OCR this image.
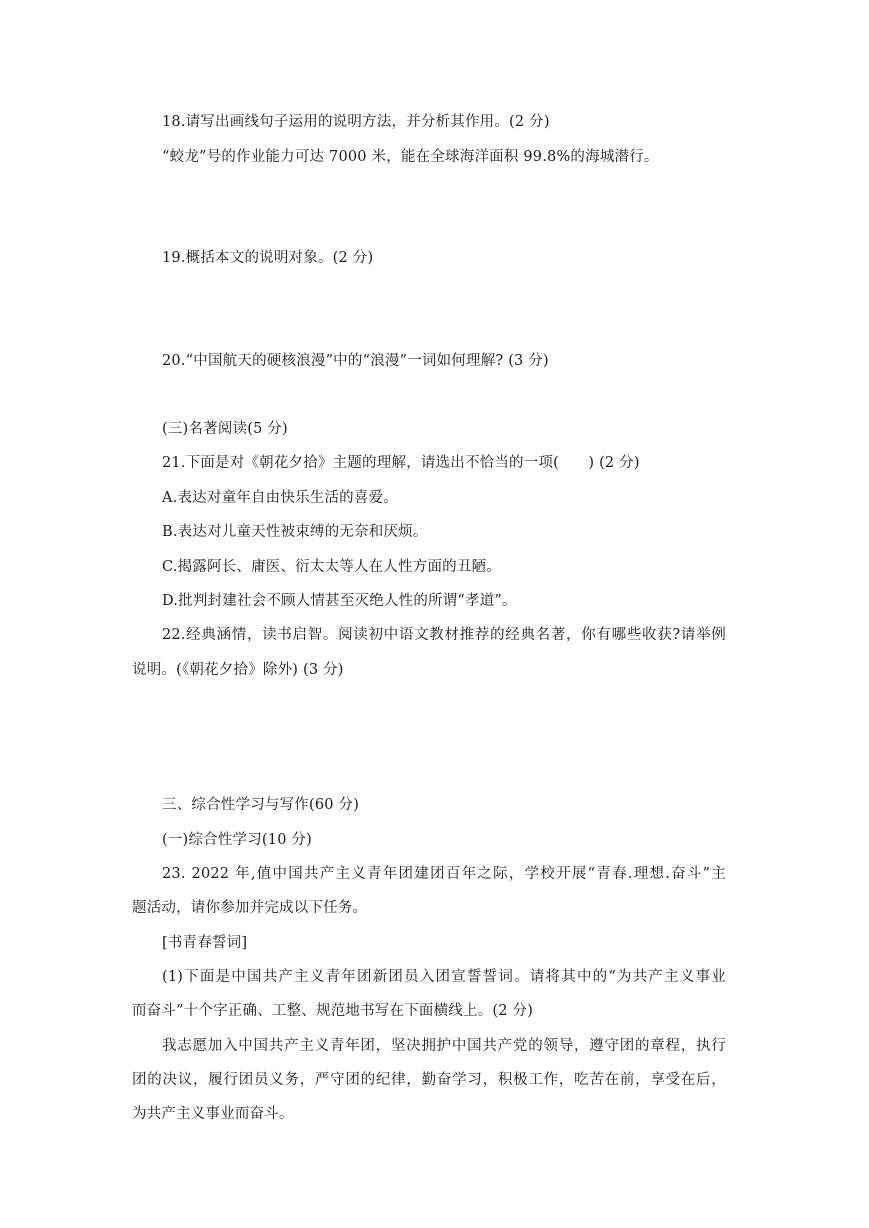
18.请写出画线句子运用的说明方法，并分析其作用。(2 分)
“蛟龙”号的作业能力可达 7000 米，能在全球海洋面积 99.8%的海城潜行。
19.概括本文的说明对象。(2 分)
20.“中国航天的硬核浪漫”中的“浪漫”一词如何理解? (3 分)
(三)名著阅读(5 分)
21.下面是对《朝花夕拾》主题的理解，请选出不恰当的一项(　　) (2 分)
A.表达对童年自由快乐生活的喜爱。
B.表达对儿童天性被束缚的无奈和厌烦。
C.揭露阿长、庸医、衍太太等人在人性方面的丑陋。
D.批判封建社会不顾人情甚至灭绝人性的所谓“孝道”。
22.经典涵情，读书启智。阅读初中语文教材推荐的经典名著，你有哪些收获?请举例
说明。(《朝花夕拾》除外) (3 分)
三、综合性学习与写作(60 分)
(一)综合性学习(10 分)
23. 2022 年,值中国共产主义青年团建团百年之际，学校开展“青春.理想.奋斗”主
题活动，请你参加并完成以下任务。
[书青春誓词]
(1)下面是中国共产主义青年团新团员入团宣誓誓词。请将其中的“为共产主义事业
而奋斗”十个字正确、工整、规范地书写在下面横线上。(2 分)
我志愿加入中国共产主义青年团，坚决拥护中国共产党的领导，遵守团的章程，执行
团的决议，履行团员义务，严守团的纪律，勤奋学习，积极工作，吃苦在前，享受在后，
为共产主义事业而奋斗。
